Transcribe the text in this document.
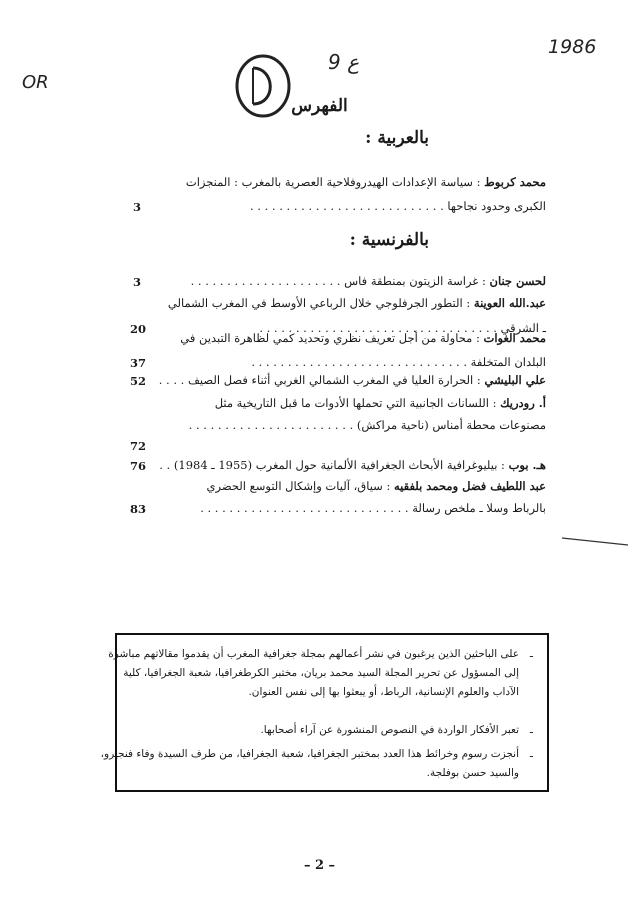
OR
ع 9
1986
الفهرس
بالعربية :
محمد كربوط : سياسة الإعدادات الهيدروفلاحية العصرية بالمغرب : المنجزات
الكبرى وحدود نجاحها . . . . . . . . . . . . . . . . . . . . . . . . . . .
3
بالفرنسية :
لحسن جنان : غراسة الزيتون بمنطقة فاس . . . . . . . . . . . . . . . . . . . . .
3
عبد.الله العوينة : التطور الجرفلوجي خلال الرباعي الأوسط في المغرب الشمالي
ـ الشرقي . . . . . . . . . . . . . . . . . . . . . . . . . . . . . . . . .
20
محمد الغوات : محاولة من أجل تعريف نظري وتحديد كمي لظاهرة التبدين في
البلدان المتخلفة . . . . . . . . . . . . . . . . . . . . . . . . . . . . . .
37
علي البليشي : الحرارة العليا في المغرب الشمالي الغربي أثناء فصل الصيف . . . .
52
أ. رودريك : اللسانات الجانبية التي تحملها الأدوات ما قبل التاريخية مثل
مصنوعات محطة أمناس (ناحية مراكش) . . . . . . . . . . . . . . . . . . . . . . .
72
هـ. بوب : بيليوغرافية الأبحاث الجغرافية الألمانية حول المغرب (1955 ـ 1984) . .
76
عبد اللطيف فضل ومحمد بلفقيه : سياق، آليات وإشكال التوسع الحضري
بالرباط وسلا ـ ملخص رسالة . . . . . . . . . . . . . . . . . . . . . . . . . . . . .
83
ـ
على الباحثين الذين يرغبون في نشر أعمالهم بمجلة جغرافية المغرب أن يقدموا مقالاتهم مباشرة إلى المسؤول عن تحرير المجلة السيد محمد بريان، مختبر الكرطغرافيا، شعبة الجغرافيا، كلية الآداب والعلوم الإنسانية، الرباط، أو يبعثوا بها إلى نفس العنوان.
ـ
تعبر الأفكار الواردة في النصوص المنشورة عن آراء أصحابها.
ـ
أنجزت رسوم وخرائط هذا العدد بمختبر الجغرافيا، شعبة الجغرافيا، من طرف السيدة وفاء فنجيرو، والسيد حسن بوفلجة.
– 2 –
